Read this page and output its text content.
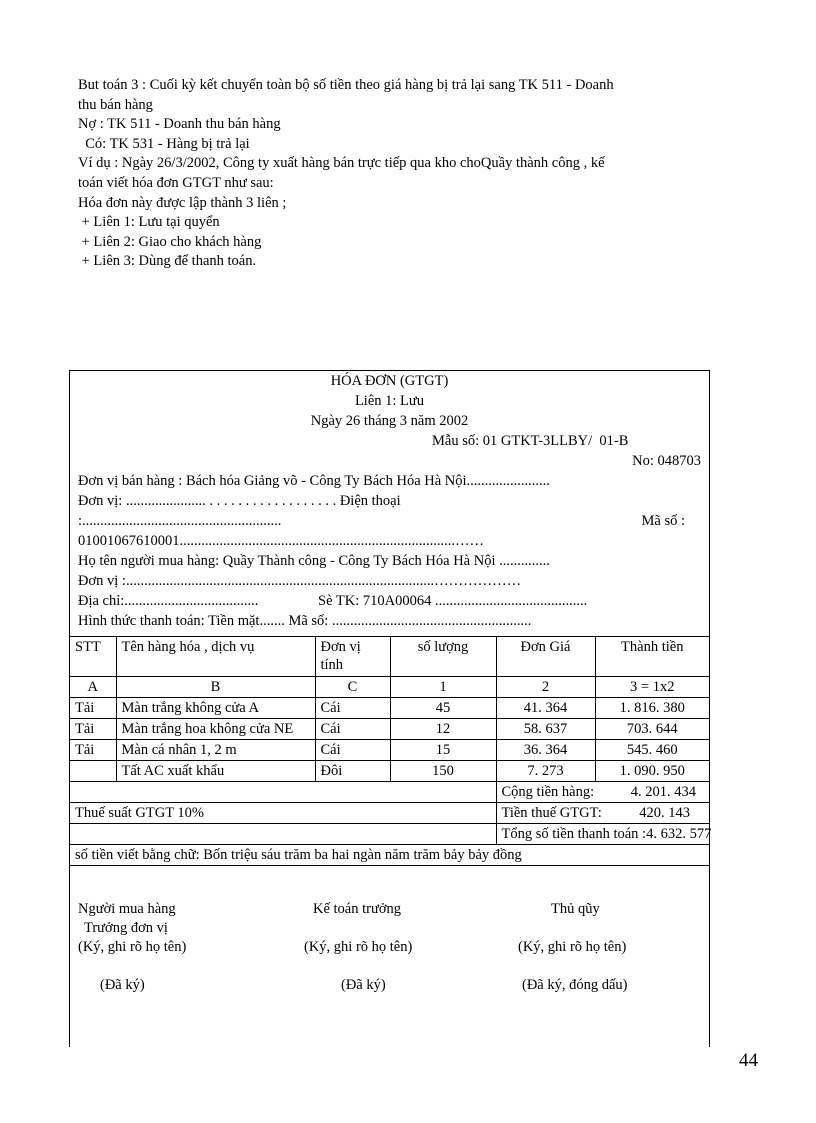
But toán 3 : Cuối kỳ kết chuyển toàn bộ số tiền theo giá hàng bị trả lại sang TK 511 - Doanh
thu bán hàng
Nợ : TK 511 - Doanh thu bán hàng
Có: TK 531 - Hàng bị trả lại
Ví dụ : Ngày 26/3/2002, Công ty xuất hàng bán trực tiếp qua kho choQuầy thành công , kế
toán viết hóa đơn GTGT như sau:
Hóa đơn này được lập thành 3 liên ;
+ Liên 1: Lưu tại quyển
+ Liên 2: Giao cho khách hàng
+ Liên 3: Dùng để thanh toán.
HÓA ĐƠN (GTGT)
Liên 1: Lưu
Ngày 26 tháng 3 năm 2002
Mẫu số: 01 GTKT-3LLBY/  01-B
No: 048703
Đơn vị bán hàng : Bách hóa Giảng võ - Công Ty Bách Hóa Hà Nội.......................
Đơn vị: ...................... . . . . . . . . . . . . . . . . . . Điện thoại
:.......................................................	Mã số :
01001067610001............................................................................……
Họ tên người mua hàng: Quầy Thành công - Công Ty Bách Hóa Hà Nội ..............
Đơn vị :.....................................................................................………………
Địa chỉ:.....................................	Sè TK: 710A00064 ..........................................
Hình thức thanh toán: Tiền mặt....... Mã số: .......................................................
STT	Tên hàng hóa , dịch vụ	Đơn vị tính	số lượng	Đơn Giá	Thành tiền
A	B	C	1	2	3 = 1x2
Tải	Màn trắng không cửa A	Cái	45	41. 364	1. 816. 380
Tải	Màn trắng hoa không cửa NE	Cái	12	58. 637	703. 644
Tải	Màn cá nhân 1, 2 m	Cái	15	36. 364	545. 460
	Tất AC xuất khẩu	Đôi	150	7. 273	1. 090. 950
				Cộng tiền hàng: 4. 201. 434	

Thuế suất GTGT 10%				Tiền thuế GTGT: 420. 143	

				Tổng số tiền thanh toán :4. 632. 577	
số tiền viết bằng chữ: Bốn triệu sáu trăm ba hai ngàn năm trăm bảy bảy đồng					
Người mua hàng	Kế toán trưởng	Thủ qũy
Trưởng đơn vị
(Ký, ghi rõ họ tên)	(Ký, ghi rõ họ tên)	(Ký, ghi rõ họ tên)
(Đã ký)	(Đã ký)	(Đã ký, đóng dấu)
44
